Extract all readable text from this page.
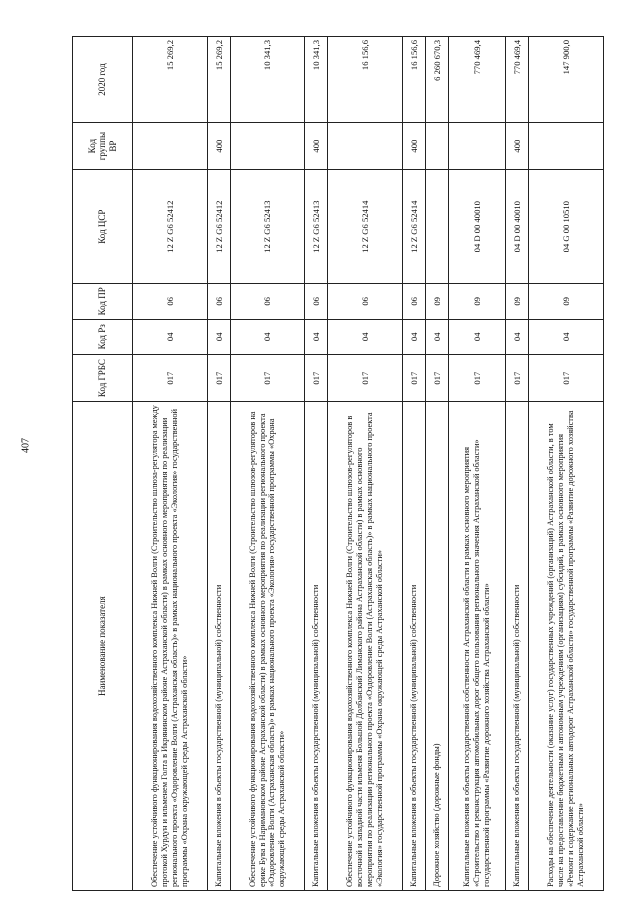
407
Наименование показателя	Код ГРБС	Код Рз	Код ПР	Код ЦСР	Код группы ВР	2020 год
Обеспечение устойчивого функционирования водохозяйственного комплекса Нижней Волги (Строительство шлюза-регулятора между протокой Хурдун и ильменем Голта в Икрянинском районе Астраханской области) в рамках основного мероприятия по реализации регионального проекта «Оздоровление Волги (Астраханская область)» в рамках национального проекта «Экология» государственной программы «Охрана окружающей среды Астраханской области»	017	04	06	12 Z G6 52412		15 269,2
Капитальные вложения в объекты государственной (муниципальной) собственности	017	04	06	12 Z G6 52412	400	15 269,2
Обеспечение устойчивого функционирования водохозяйственного комплекса Нижней Волги (Строительство шлюзов-регуляторов на ерике Бува в Наримановском районе Астраханской области) в рамках основного мероприятия по реализации регионального проекта «Оздоровление Волги (Астраханская область)» в рамках национального проекта «Экология» государственной программы «Охрана окружающей среды Астраханской области»	017	04	06	12 Z G6 52413		10 341,3
Капитальные вложения в объекты государственной (муниципальной) собственности	017	04	06	12 Z G6 52413	400	10 341,3
Обеспечение устойчивого функционирования водохозяйственного комплекса Нижней Волги (Строительство шлюзов-регуляторов в восточной и западной части ильменя Большой Долбанский Лиманского района Астраханской области) в рамках основного мероприятия по реализации регионального проекта «Оздоровление Волги (Астраханская область)» в рамках национального проекта «Экология» государственной программы «Охрана окружающей среды Астраханской области»	017	04	06	12 Z G6 52414		16 156,6
Капитальные вложения в объекты государственной (муниципальной) собственности	017	04	06	12 Z G6 52414	400	16 156,6
Дорожное хозяйство (дорожные фонды)	017	04	09			6 260 670,3
Капитальные вложения в объекты государственной собственности Астраханской области в рамках основного мероприятия «Строительство и реконструкция автомобильных дорог общего пользования регионального значения Астраханской области» государственной программы «Развитие дорожного хозяйства Астраханской области»	017	04	09	04 D 00 40010		770 469,4
Капитальные вложения в объекты государственной (муниципальной) собственности	017	04	09	04 D 00 40010	400	770 469,4
Расходы на обеспечение деятельности (оказание услуг) государственных учреждений (организаций) Астраханской области, в том числе на предоставление бюджетным и автономным учреждениям (организациям) субсидий, в рамках основного мероприятия «Ремонт и содержание региональных автодорог Астраханской области» государственной программы «Развитие дорожного хозяйства Астраханской области»	017	04	09	04 G 00 10510		147 900,0
